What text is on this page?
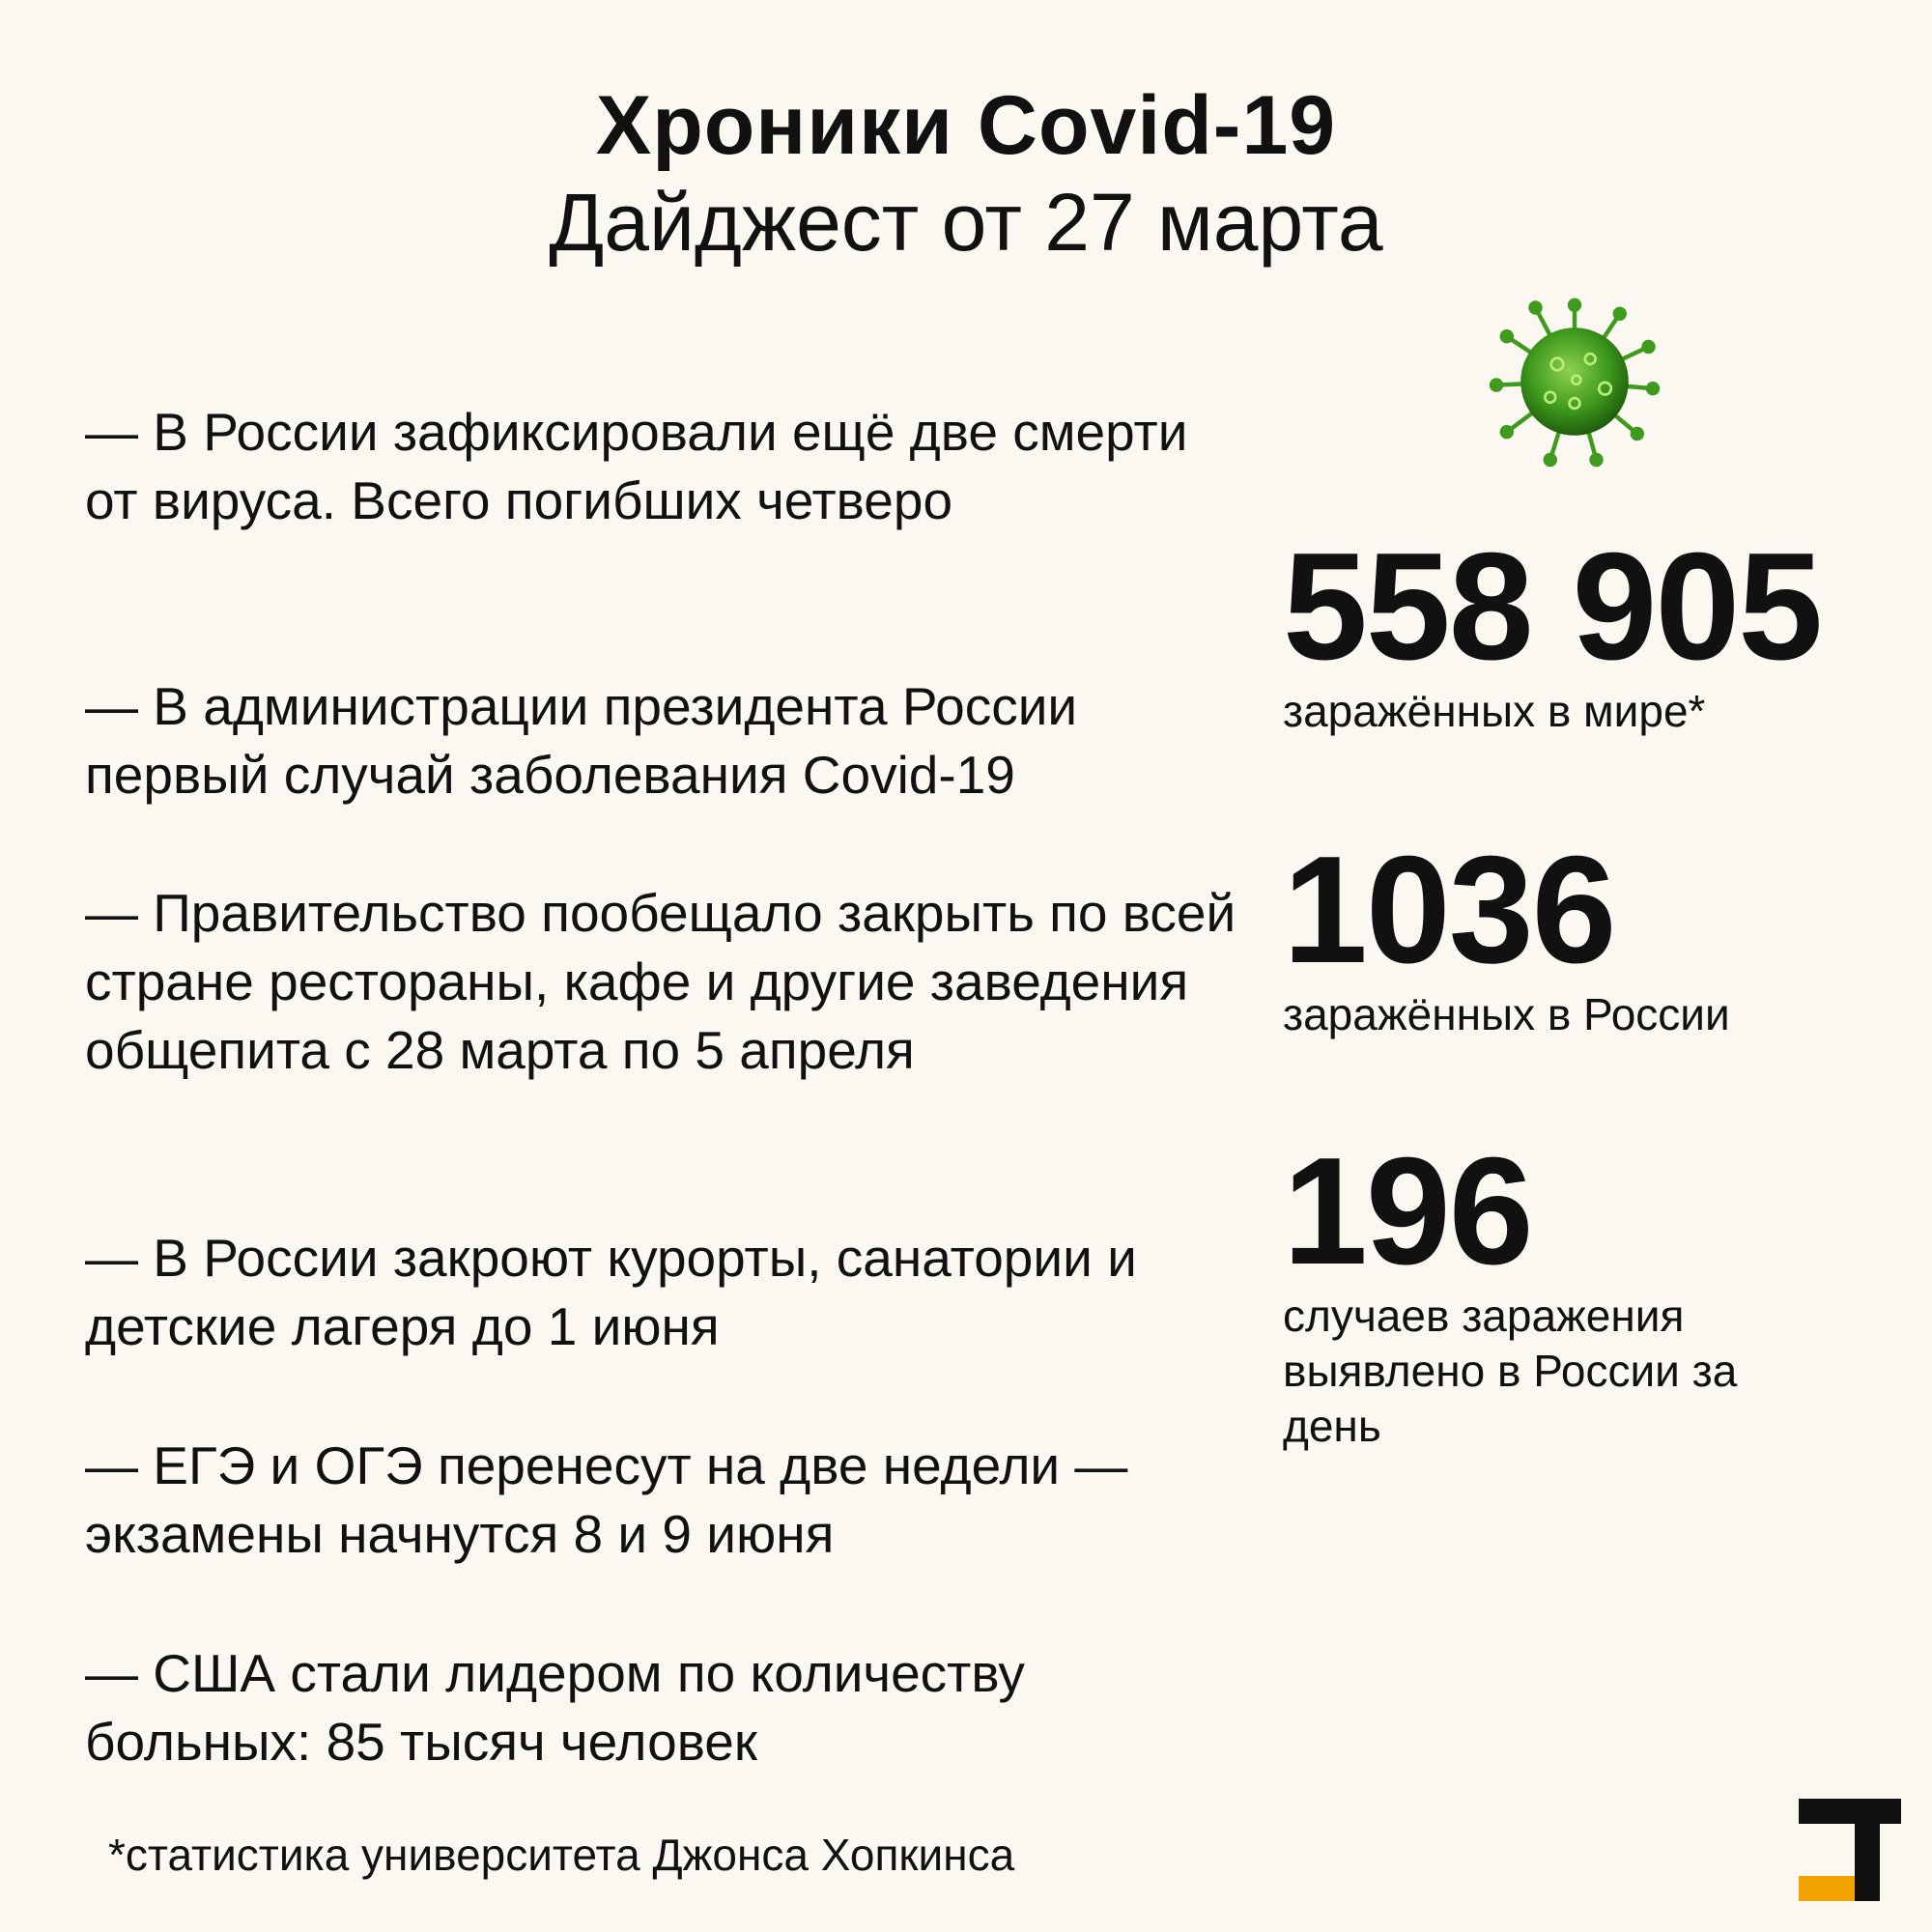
Хроники Covid-19
Дайджест от 27 марта

— В России зафиксировали ещё две смерти от вируса. Всего погибших четверо

— В администрации президента России первый случай заболевания Covid-19

— Правительство пообещало закрыть по всей стране рестораны, кафе и другие заведения общепита с 28 марта по 5 апреля

— В России закроют курорты, санатории и детские лагеря до 1 июня

— ЕГЭ и ОГЭ перенесут на две недели — экзамены начнутся 8 и 9 июня

— США стали лидером по количеству больных: 85 тысяч человек

558 905
заражённых в мире*
1036
заражённых в России
196
случаев заражения выявлено в России за день
*статистика университета Джонса Хопкинса
